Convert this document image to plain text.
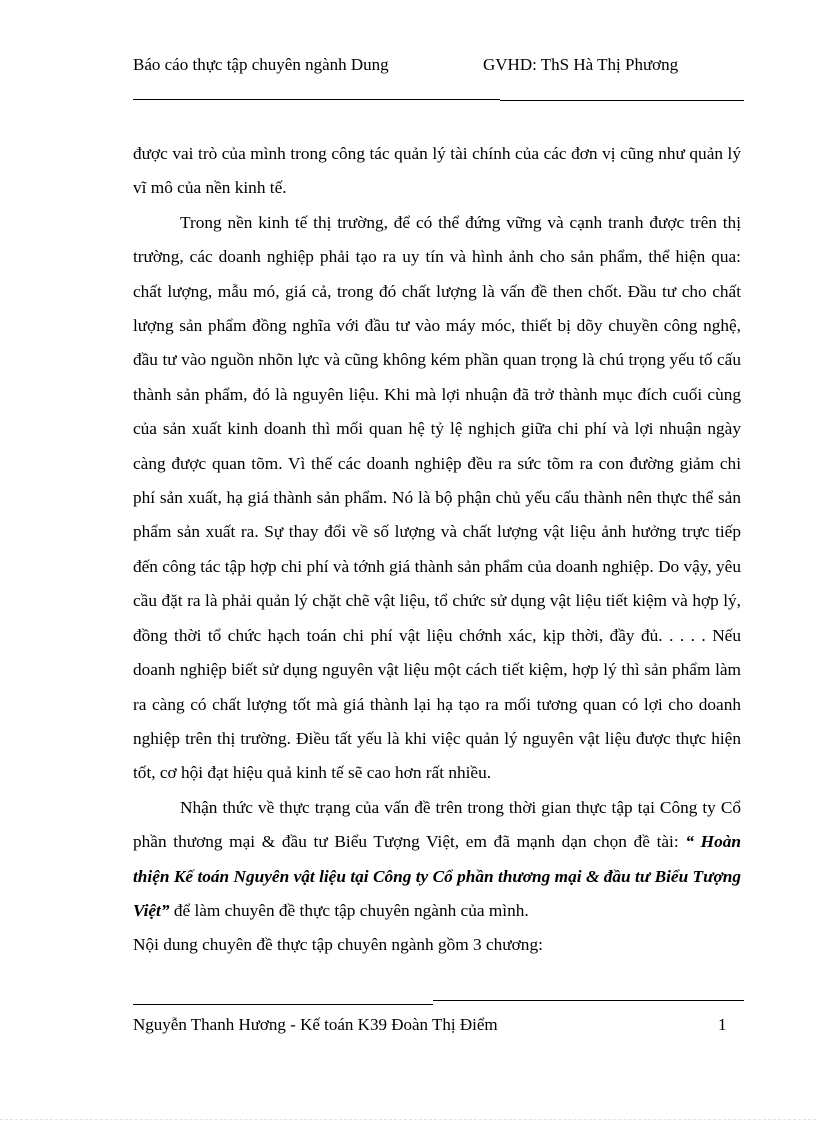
Báo cáo thực tập chuyên ngành Dung	GVHD: ThS Hà Thị Phương

được vai trò của mình trong công tác quản lý tài chính của các đơn vị cũng như quản lý vĩ mô của nền kinh tế.

Trong nền kinh tế thị trường, để có thể đứng vững và cạnh tranh được trên thị trường, các doanh nghiệp phải tạo ra uy tín và hình ảnh cho sản phẩm, thể hiện qua: chất lượng, mẫu mó, giá cả, trong đó chất lượng là vấn đề then chốt. Đầu tư cho chất lượng sản phẩm đồng nghĩa với đầu tư vào máy móc, thiết bị dõy chuyền công nghệ, đầu tư vào nguồn nhõn lực và cũng không kém phần quan trọng là chú trọng yếu tố cấu thành sản phẩm, đó là nguyên liệu. Khi mà lợi nhuận đã trở thành mục đích cuối cùng của sản xuất kinh doanh thì mối quan hệ tỷ lệ nghịch giữa chi phí và lợi nhuận ngày càng được quan tõm. Vì thế các doanh nghiệp đều ra sức tõm ra con đường giảm chi phí sản xuất, hạ giá thành sản phẩm. Nó là bộ phận chủ yếu cấu thành nên thực thể sản phẩm sản xuất ra. Sự thay đổi về số lượng và chất lượng vật liệu ảnh hưởng trực tiếp đến công tác tập hợp chi phí và tớnh giá thành sản phẩm của doanh nghiệp. Do vậy, yêu cầu đặt ra là phải quản lý chặt chẽ vật liệu, tổ chức sử dụng vật liệu tiết kiệm và hợp lý, đồng thời tổ chức hạch toán chi phí vật liệu chớnh xác, kịp thời, đầy đủ. . . . . Nếu doanh nghiệp biết sử dụng nguyên vật liệu một cách tiết kiệm, hợp lý thì sản phẩm làm ra càng có chất lượng tốt mà giá thành lại hạ tạo ra mối tương quan có lợi cho doanh nghiệp trên thị trường. Điều tất yếu là khi việc quản lý nguyên vật liệu được thực hiện tốt, cơ hội đạt hiệu quả kinh tế sẽ cao hơn rất nhiều.

Nhận thức về thực trạng của vấn đề trên trong thời gian thực tập tại Công ty Cổ phần thương mại & đầu tư Biểu Tượng Việt, em đã mạnh dạn chọn đề tài: “ Hoàn thiện Kế toán Nguyên vật liệu tại Công ty Cổ phần thương mại & đầu tư Biểu Tượng Việt” để làm chuyên đề thực tập chuyên ngành của mình.

Nội dung chuyên đề thực tập chuyên ngành gồm 3 chương:

Nguyễn Thanh Hương - Kế toán K39 Đoàn Thị Điểm	1
